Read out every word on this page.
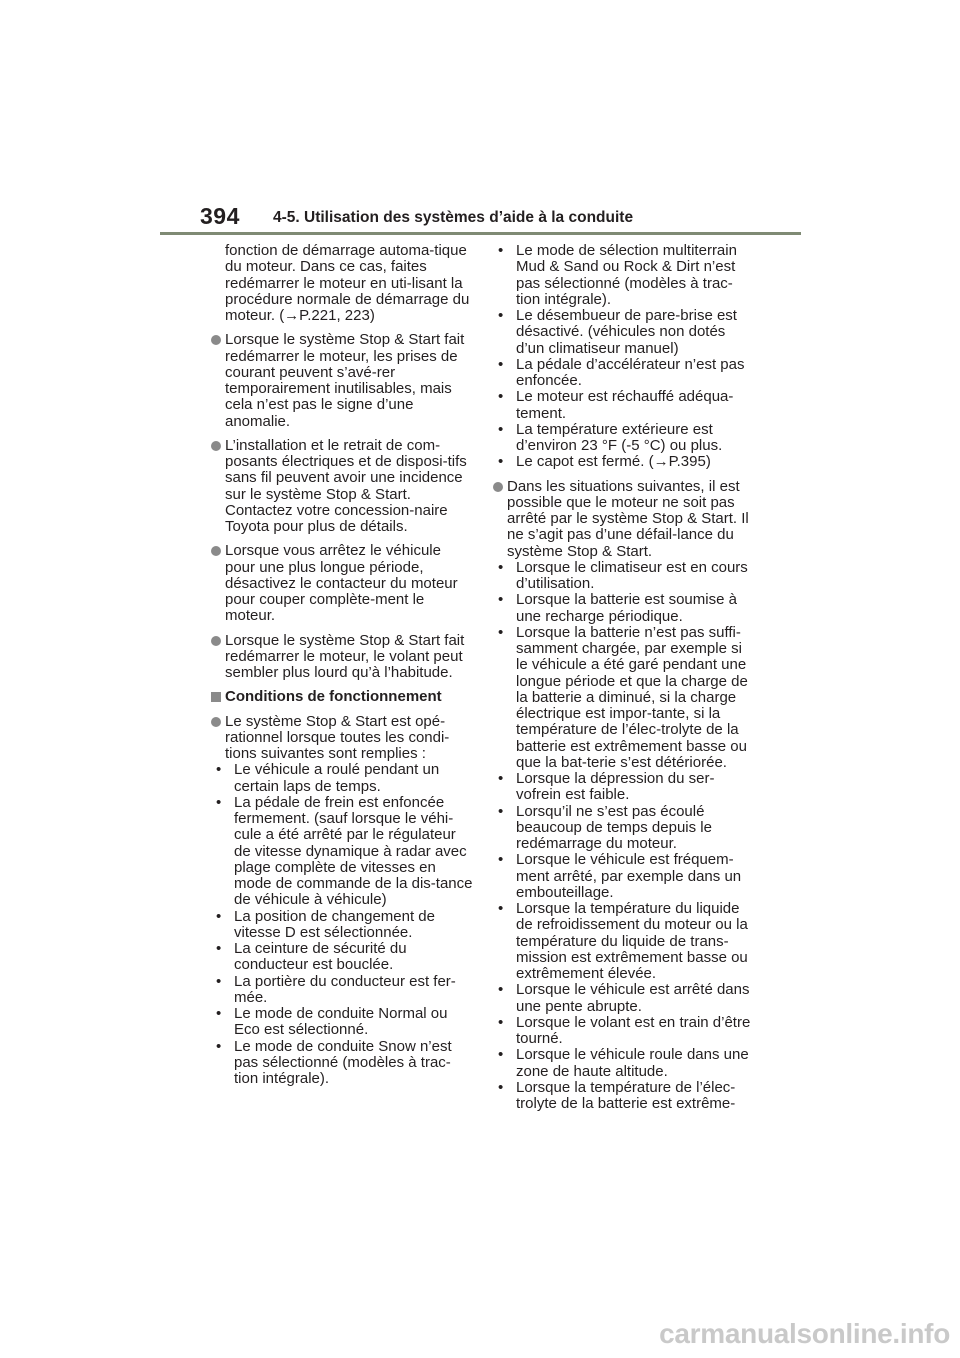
394 4-5. Utilisation des systèmes d’aide à la conduite
fonction de démarrage automa-tique du moteur. Dans ce cas, faites redémarrer le moteur en uti-lisant la procédure normale de démarrage du moteur. (→P.221, 223)
Lorsque le système Stop & Start fait redémarrer le moteur, les prises de courant peuvent s’avé-rer temporairement inutilisables, mais cela n’est pas le signe d’une anomalie.
L’installation et le retrait de com-posants électriques et de disposi-tifs sans fil peuvent avoir une incidence sur le système Stop & Start. Contactez votre concession-naire Toyota pour plus de détails.
Lorsque vous arrêtez le véhicule pour une plus longue période, désactivez le contacteur du moteur pour couper complète-ment le moteur.
Lorsque le système Stop & Start fait redémarrer le moteur, le volant peut sembler plus lourd qu’à l’habitude.
Conditions de fonctionnement
Le système Stop & Start est opé-rationnel lorsque toutes les condi-tions suivantes sont remplies :
• Le véhicule a roulé pendant un certain laps de temps.
• La pédale de frein est enfoncée fermement. (sauf lorsque le véhi-cule a été arrêté par le régulateur de vitesse dynamique à radar avec plage complète de vitesses en mode de commande de la dis-tance de véhicule à véhicule)
• La position de changement de vitesse D est sélectionnée.
• La ceinture de sécurité du conducteur est bouclée.
• La portière du conducteur est fer-mée.
• Le mode de conduite Normal ou Eco est sélectionné.
• Le mode de conduite Snow n’est pas sélectionné (modèles à trac-tion intégrale).
• Le mode de sélection multiterrain Mud & Sand ou Rock & Dirt n’est pas sélectionné (modèles à trac-tion intégrale).
• Le désembueur de pare-brise est désactivé. (véhicules non dotés d’un climatiseur manuel)
• La pédale d’accélérateur n’est pas enfoncée.
• Le moteur est réchauffé adéqua-tement.
• La température extérieure est d’environ 23 °F (-5 °C) ou plus.
• Le capot est fermé. (→P.395)
Dans les situations suivantes, il est possible que le moteur ne soit pas arrêté par le système Stop & Start. Il ne s’agit pas d’une défail-lance du système Stop & Start.
• Lorsque le climatiseur est en cours d’utilisation.
• Lorsque la batterie est soumise à une recharge périodique.
• Lorsque la batterie n’est pas suffi-samment chargée, par exemple si le véhicule a été garé pendant une longue période et que la charge de la batterie a diminué, si la charge électrique est impor-tante, si la température de l’élec-trolyte de la batterie est extrêmement basse ou que la bat-terie s’est détériorée.
• Lorsque la dépression du ser-vofrein est faible.
• Lorsqu’il ne s’est pas écoulé beaucoup de temps depuis le redémarrage du moteur.
• Lorsque le véhicule est fréquem-ment arrêté, par exemple dans un embouteillage.
• Lorsque la température du liquide de refroidissement du moteur ou la température du liquide de trans-mission est extrêmement basse ou extrêmement élevée.
• Lorsque le véhicule est arrêté dans une pente abrupte.
• Lorsque le volant est en train d’être tourné.
• Lorsque le véhicule roule dans une zone de haute altitude.
• Lorsque la température de l’élec-trolyte de la batterie est extrême-
carmanualsonline.info
